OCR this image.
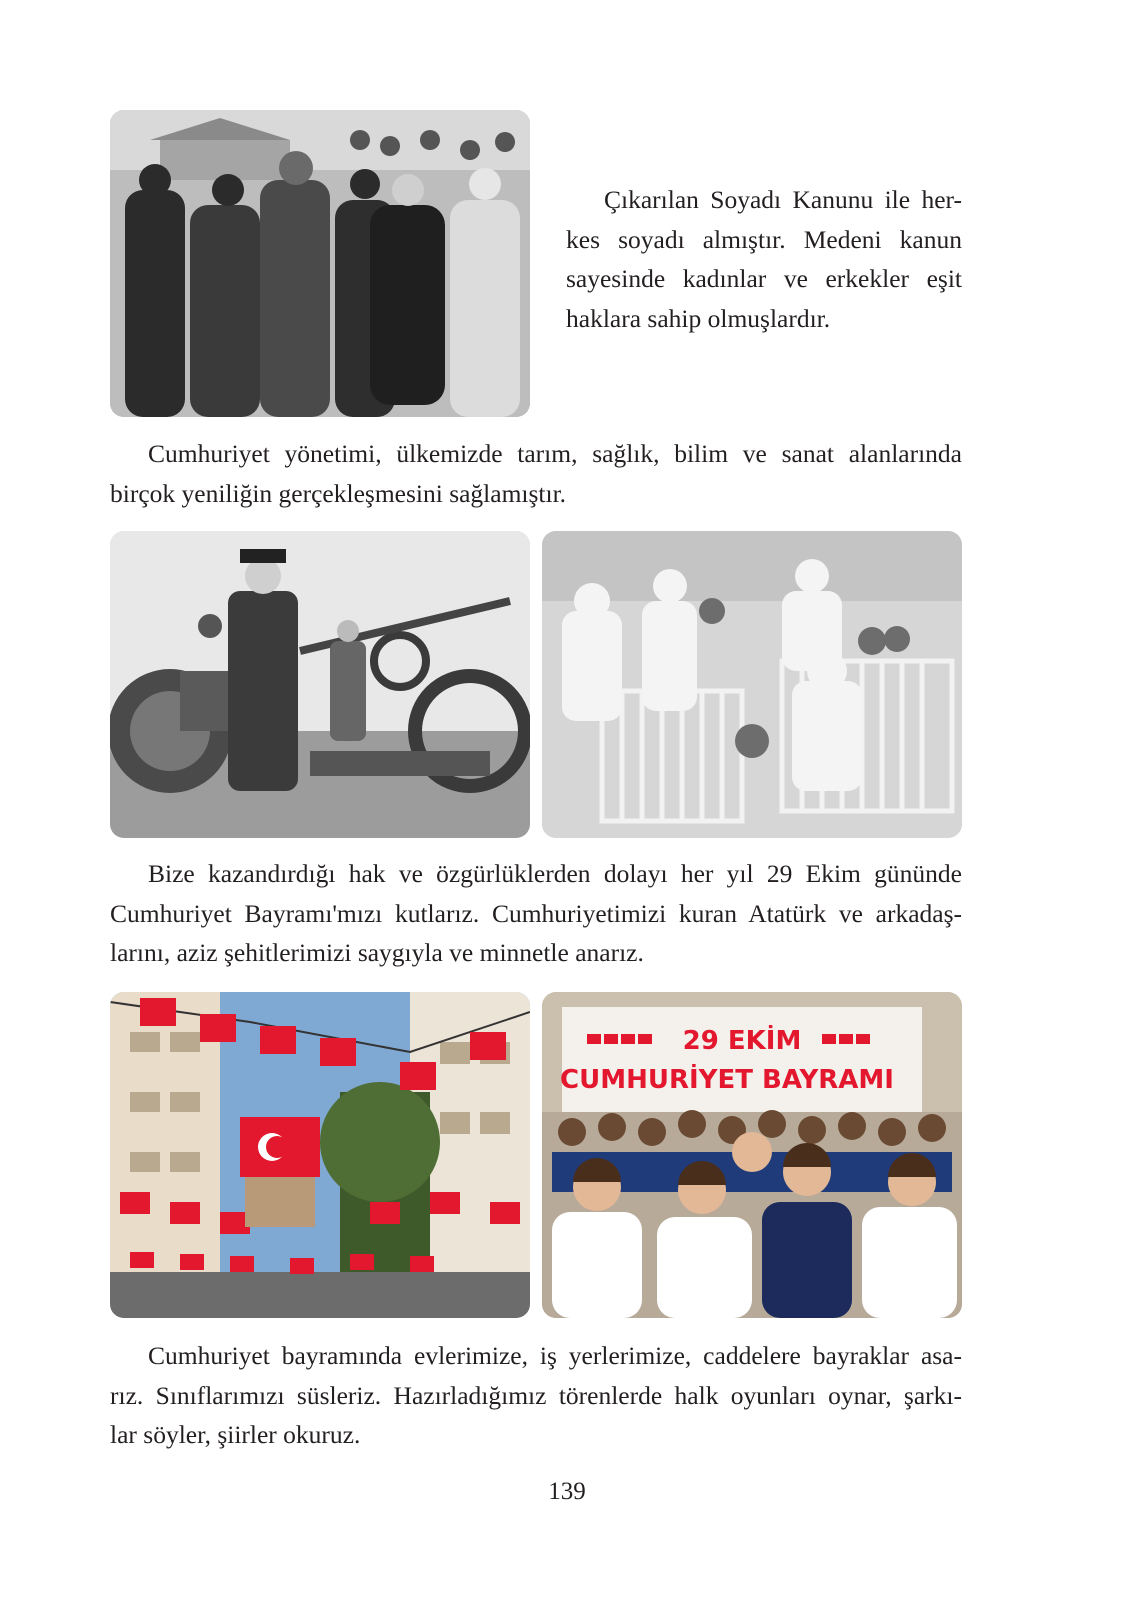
Çıkarılan Soyadı Kanunu ile her-
kes soyadı almıştır. Medeni kanun
sayesinde kadınlar ve erkekler eşit
haklara sahip olmuşlardır.

Cumhuriyet yönetimi, ülkemizde tarım, sağlık, bilim ve sanat alanlarında
birçok yeniliğin gerçekleşmesini sağlamıştır.

Bize kazandırdığı hak ve özgürlüklerden dolayı her yıl 29 Ekim gününde
Cumhuriyet Bayramı'mızı kutlarız. Cumhuriyetimizi kuran Atatürk ve arkadaş-
larını, aziz şehitlerimizi saygıyla ve minnetle anarız.

29 EKİM
CUMHURİYET BAYRAMI

Cumhuriyet bayramında evlerimize, iş yerlerimize, caddelere bayraklar asa-
rız. Sınıflarımızı süsleriz. Hazırladığımız törenlerde halk oyunları oynar, şarkı-
lar söyler, şiirler okuruz.

139
